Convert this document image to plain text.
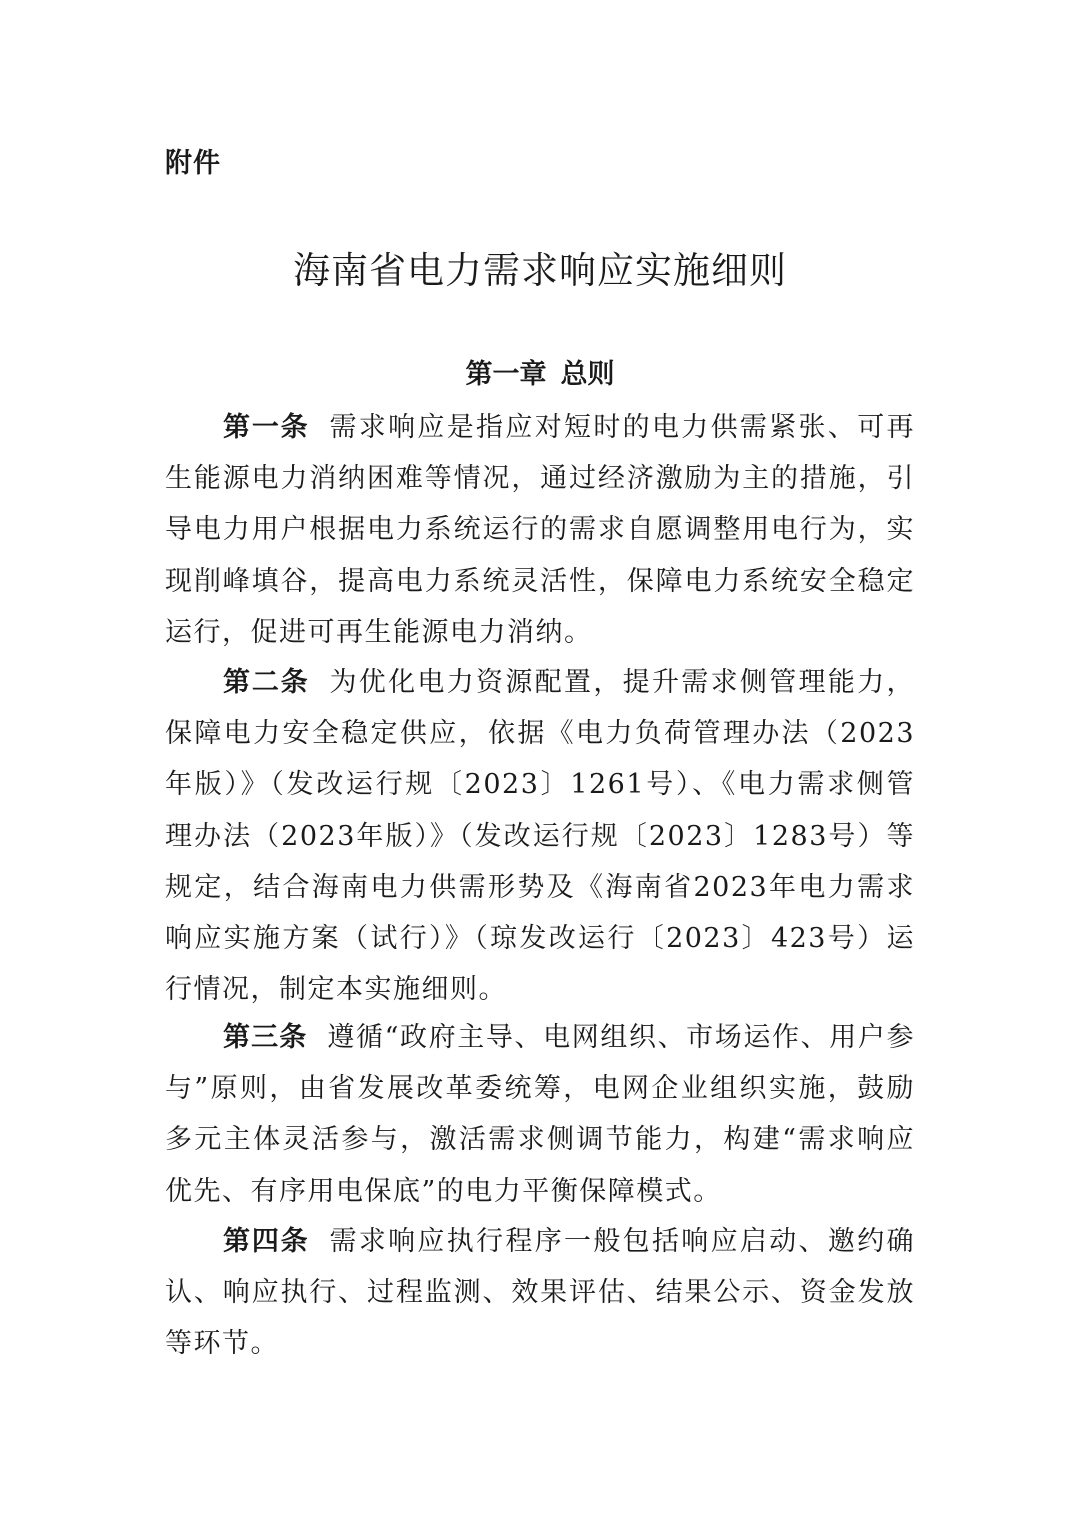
附件
海南省电力需求响应实施细则
第一章 总则

第一条 需求响应是指应对短时的电力供需紧张、可再生能源电力消纳困难等情况，通过经济激励为主的措施，引导电力用户根据电力系统运行的需求自愿调整用电行为，实现削峰填谷，提高电力系统灵活性，保障电力系统安全稳定运行，促进可再生能源电力消纳。

第二条 为优化电力资源配置，提升需求侧管理能力，保障电力安全稳定供应，依据《电力负荷管理办法（2023年版）》（发改运行规〔2023〕1261号）、《电力需求侧管理办法（2023年版）》（发改运行规〔2023〕1283号）等规定，结合海南电力供需形势及《海南省2023年电力需求响应实施方案（试行）》（琼发改运行〔2023〕423号）运行情况，制定本实施细则。

第三条 遵循“政府主导、电网组织、市场运作、用户参与”原则，由省发展改革委统筹，电网企业组织实施，鼓励多元主体灵活参与，激活需求侧调节能力，构建“需求响应优先、有序用电保底”的电力平衡保障模式。

第四条 需求响应执行程序一般包括响应启动、邀约确认、响应执行、过程监测、效果评估、结果公示、资金发放等环节。
